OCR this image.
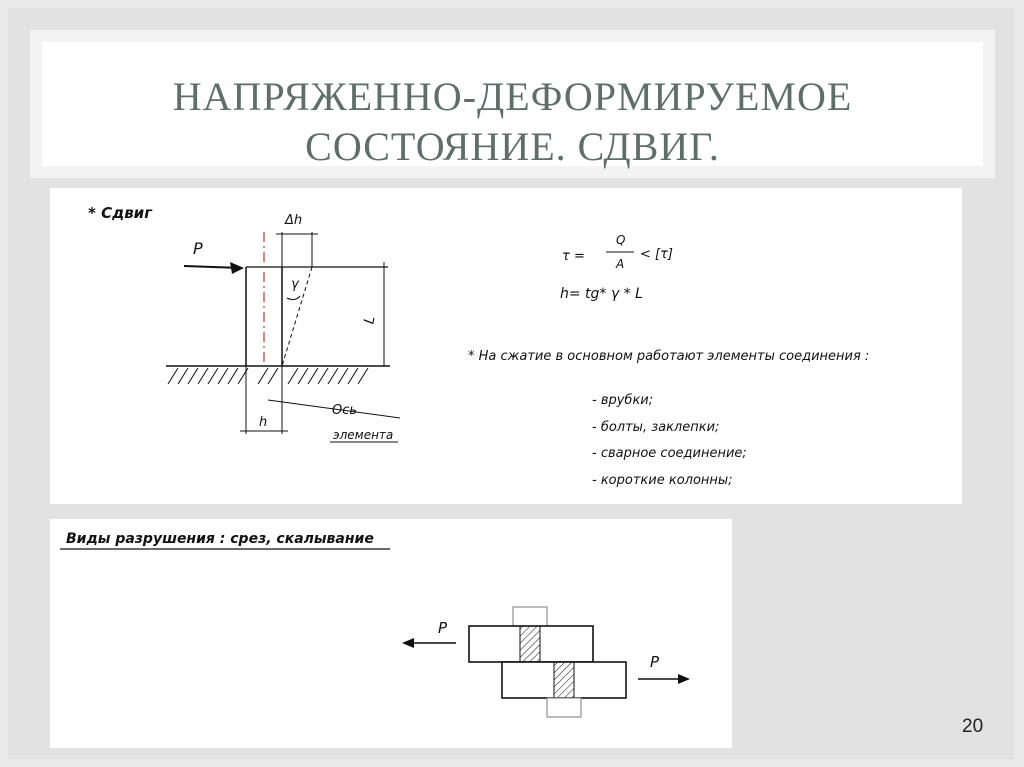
НАПРЯЖЕННО-ДЕФОРМИРУЕМОЕ
СОСТОЯНИЕ. СДВИГ.
* Сдвиг
P
Δh
γ
L
h
Ось
элемента
τ =
Q
A
< [τ]
h= tg* γ * L
* На сжатие в основном работают элементы соединения :
- врубки;
- болты, заклепки;
- сварное соединение;
- короткие колонны;
Виды разрушения : срез, скалывание
P
P
20
